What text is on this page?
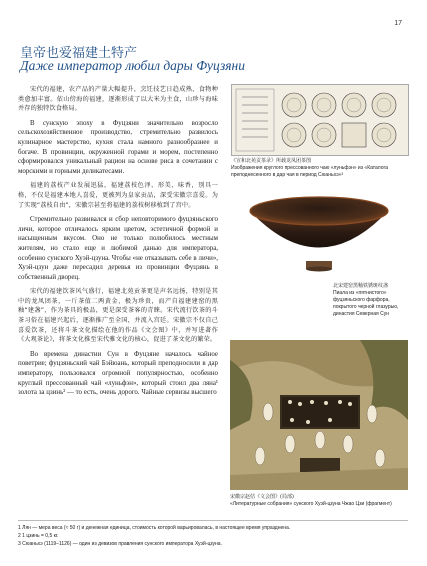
17
皇帝也爱福建土特产
Даже император любил дары Фуцзяни

宋代的福建，农产品的产量大幅提升，烹饪技艺日趋成熟，食物种类愈加丰富。依山傍海的福建，逐渐形成了以大米为主食，山珍与海味并存的独特饮食格局。

В сунскую эпоху в Фуцзяни значительно возросло сельскохозяйственное производство, стремительно развилось кулинарное мастерство, кухня стала намного разнообразнее и богаче. В провинции, окруженной горами и морем, постепенно сформировался уникальный рацион на основе риса в сочетании с морскими и горными деликатесами.

福建的荔枝产业发展迅猛，福建荔枝色泽、形美、味香，别具一格，不仅是福建本地人喜爱，更被列为皇家贡品，深受宋徽宗喜爱。为了实现“荔枝自由”，宋徽宗甚至将福建的荔枝树移植到了宫中。

Стремительно развивался и сбор неповторимого фуцзяньского личи, которое отличалось ярким цветом, эстетичной формой и насыщенным вкусом. Оно не только полюбилось местным жителям, но стало еще и любимой данью для императора, особенно сунского Хуэй-цзуна. Чтобы «не отказывать себе в личи», Хуэй-цзун даже пересадил деревья из провинции Фуцзянь в собственный дворец.

宋代的福建饮茶风气盛行，福建北苑贡茶更是声名远扬，特别是其中的龙凤团茶，一斤茶值二两黄金，极为珍贵，而产自福建建窑的黑釉“建盏”，作为茶具的极品，更是深受茶客的青睐。宋代流行饮茶的斗茶习俗在福建兴起后，逐渐推广至全国，并流入宫廷。宋徽宗不仅自己喜爱饮茶，还将斗茶文化描绘在他的作品《文会图》中，并写进著作《大观茶论》，将茶文化推至宋代雅文化的核心，促进了茶文化的繁荣。

Во времена династии Сун в Фуцзяне началось чайное поветрие; фуцзяньский чай Бэйюань, который преподносили в дар императору, пользовался огромной популярностью, особенно круглый прессованный чай «луньфэн», который стоил два ляна¹ золота за цзинь² — то есть, очень дорого. Чайные сервизы высшего

《宣和北苑贡茶录》所载龙凤团茶图
Изображения круглого прессованного чаю «луньфэн» из «Каталога преподнесенного в дар чая в период Сюаньхэ»³
北宋建窑黑釉铁锈斑纹盏
Пиала из «пятнистого» фуцзяньского фарфора, покрытого черной глазурью, династия Северная Сун
宋徽宗赵佶《文会图》(局部)
«Литературные собрания» сунского Хуэй-цзуна Чжао Цзи (фрагмент)
1 Лян — мера веса (≈ 50 г) и денежная единица, стоимость которой варьировалась, в настоящее время упразднена.
2 1 цзинь = 0,5 кг.
3 Сюаньхэ (1119–1126) — один из девизов правления сунского императора Хуэй-цзуна.
